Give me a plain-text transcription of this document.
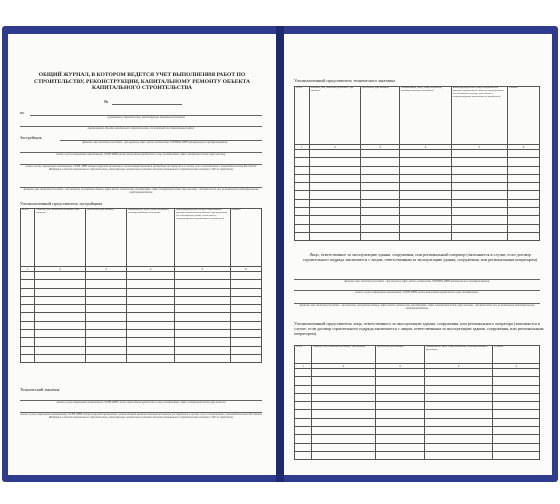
ОБЩИЙ ЖУРНАЛ, В КОТОРОМ ВЕДЕТСЯ УЧЕТ ВЫПОЛНЕНИЯ РАБОТ ПО СТРОИТЕЛЬСТВУ, РЕКОНСТРУКЦИИ, КАПИТАЛЬНОМУ РЕМОНТУ ОБЪЕКТА КАПИТАЛЬНОГО СТРОИТЕЛЬСТВА
№
по
(указывается строительство, реконструкция, капитальный ремонт)
(наименование объекта капитального строительства, его почтовый или строительный адрес)
Застройщик
фамилия, имя, отчество (последнее - при наличии), адрес места жительства, ОГРНИП, ИНН индивидуального предпринимателя,
полное и (или) сокращенное наименование, ОГРН, ИНН, место нахождения юридического лица, телефон/факс, адрес электронной почты (при наличии),
полное и (или) сокращенное наименование, ОГРН, ИНН саморегулируемой организации, членом которой является застройщик (не требуется в случаях, если в соответствии с законодательством Российской Федерации в области капитального строительства, реконструкции, капитального ремонта объектов капитального строительства членство в СРО не требуется)
фамилия, имя, отчество (последнее - при наличии), паспортные данные, адрес места жительства, телефон/факс, адрес электронной почты (при наличии) - для физических лиц, не являющихся индивидуальными предпринимателями
Уполномоченный представитель застройщика
№ п/п	Фамилия, имя, отчество (последнее - при наличии)	Должность (при наличии)	Наименование, дата, номер документа, подтверждающего полномочия	Идентификационный номер в национальном реестре специалистов в области строительства (за исключением случаев, когда члены в саморегулируемой организации не требуются)	Подпись
1	2	3	4	5	6

Технический заказчик
полное и (или) сокращенное наименование, ОГРН, ИНН, место нахождения юридического лица, телефон/факс, адрес электронной почты (при наличии)
полное и (или) сокращенное наименование, ОГРН, ИНН саморегулируемой организации, членом которой является технический заказчик (не требуется в случаях, если в соответствии с законодательством Российской Федерации в области капитального строительства, реконструкции, капитального ремонта объектов капитального строительства членство в СРО не требуется)
Уполномоченный представитель технического заказчика
№ п/п	Фамилия, имя, отчество (последнее - при наличии)	Должность (при наличии)	Наименование, дата, номер документа, подтверждающего полномочия	Идентификационный номер в национальном реестре специалистов в области строительства (за исключением случаев, когда члены в саморегулируемой организации не требуются)	Подпись
1	2	3	4	5	6

Лицо, ответственное за эксплуатацию здания, сооружения, или региональный оператор (заполняется в случае, если договор строительного подряда заключается с лицом, ответственным за эксплуатацию здания, сооружения, или региональным оператором)
фамилия, имя, отчество (последнее - при наличии), адрес места жительства, ОГРНИП, ИНН индивидуального предпринимателя,
полное и (или) сокращенное наименование, ОГРН, ИНН, место нахождения юридического лица, телефон/факс,
фамилия, имя, отчество (последнее - при наличии), паспортные данные, адрес места жительства, телефон/факс, адрес электронной почты (при наличии) - для физических лиц, не являющихся индивидуальными предпринимателями
Уполномоченный представитель лица, ответственного за эксплуатацию здания, сооружения, или регионального оператора (заполняется в случае, если договор строительного подряда заключается с лицом, ответственным за эксплуатацию здания, сооружения, или региональным оператором)
№ п/п	Фамилия, имя, отчество (последнее - при наличии)	Должность (при наличии)	Наименование, дата, номер документа, подтверждающего полномочия	Подпись
1	2	3	4	5
